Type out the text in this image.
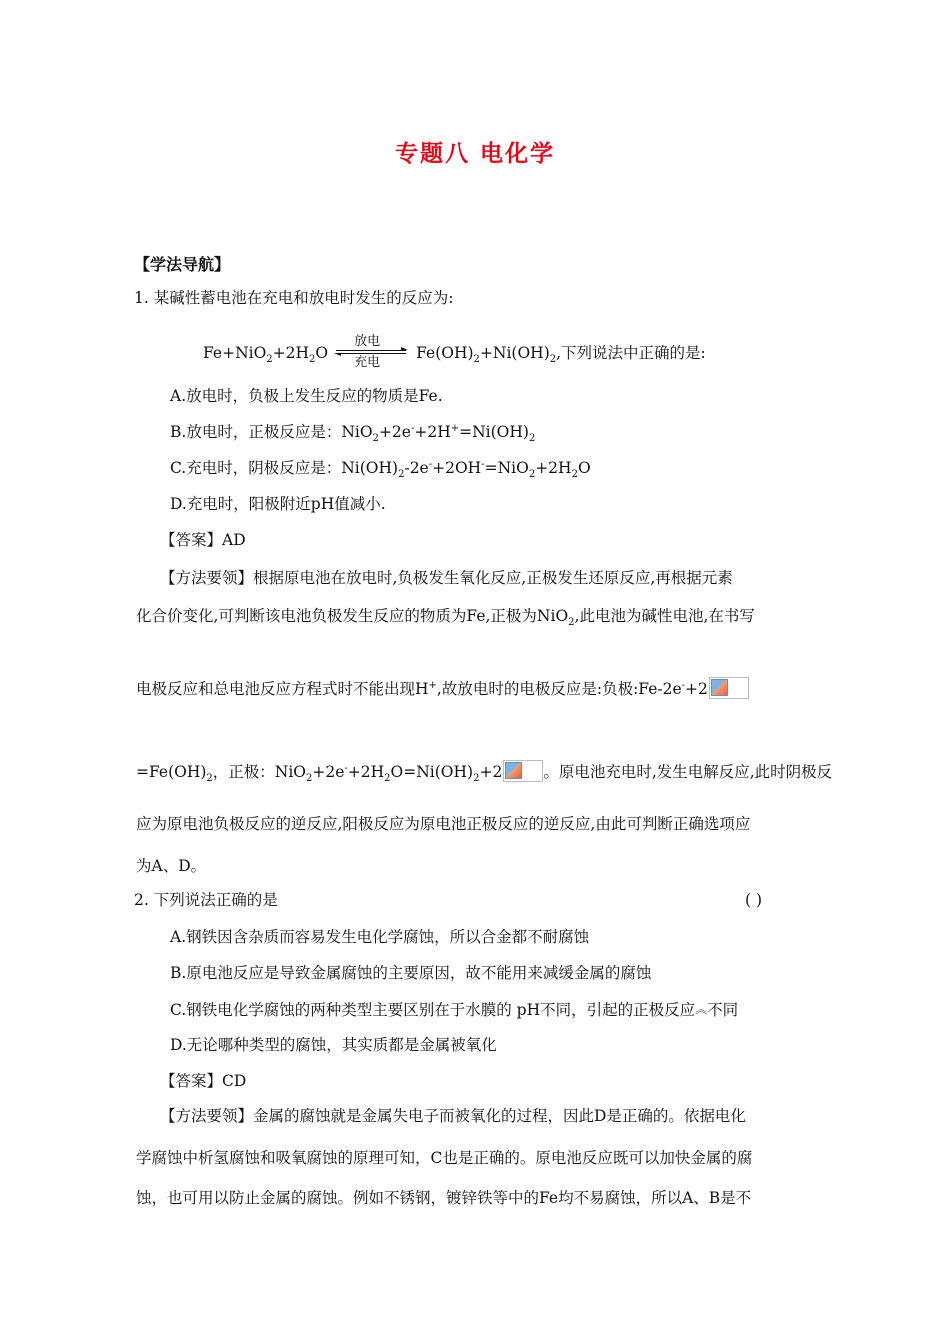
专题八 电化学
【学法导航】
1. 某碱性蓄电池在充电和放电时发生的反应为:
$Fe+NiO_2+2H_2O$
放电
充电
$Fe(OH)_2+Ni(OH)_2$,下列说法中正确的是:
A.放电时，负极上发生反应的物质是Fe.
B.放电时，正极反应是：$NiO_2+2e^-+2H^+=Ni(OH)_2$
C.充电时，阴极反应是：$Ni(OH)_2-2e^-+2OH^-=NiO_2+2H_2O$
D.充电时，阳极附近pH值减小.
【答案】AD
【方法要领】根据原电池在放电时,负极发生氧化反应,正极发生还原反应,再根据元素
化合价变化,可判断该电池负极发生反应的物质为Fe,正极为NiO$_2$,此电池为碱性电池,在书写
电极反应和总电池反应方程式时不能出现H+,故放电时的电极反应是:负极:Fe-2e-+2
$=Fe(OH)_2$，正极：$NiO_2+2e^-+2H_2O=Ni(OH)_2+2$	。原电池充电时,发生电解反应,此时阴极反
应为原电池负极反应的逆反应,阳极反应为原电池正极反应的逆反应,由此可判断正确选项应
为A、D。
2. 下列说法正确的是	( )
A.钢铁因含杂质而容易发生电化学腐蚀，所以合金都不耐腐蚀
B.原电池反应是导致金属腐蚀的主要原因，故不能用来减缓金属的腐蚀
C.钢铁电化学腐蚀的两种类型主要区别在于水膜的 pH不同，引起的正极反应︽不同
D.无论哪种类型的腐蚀，其实质都是金属被氧化
【答案】CD
【方法要领】金属的腐蚀就是金属失电子而被氧化的过程，因此D是正确的。依据电化
学腐蚀中析氢腐蚀和吸氧腐蚀的原理可知，C也是正确的。原电池反应既可以加快金属的腐
蚀，也可用以防止金属的腐蚀。例如不锈钢，镀锌铁等中的Fe均不易腐蚀，所以A、B是不
